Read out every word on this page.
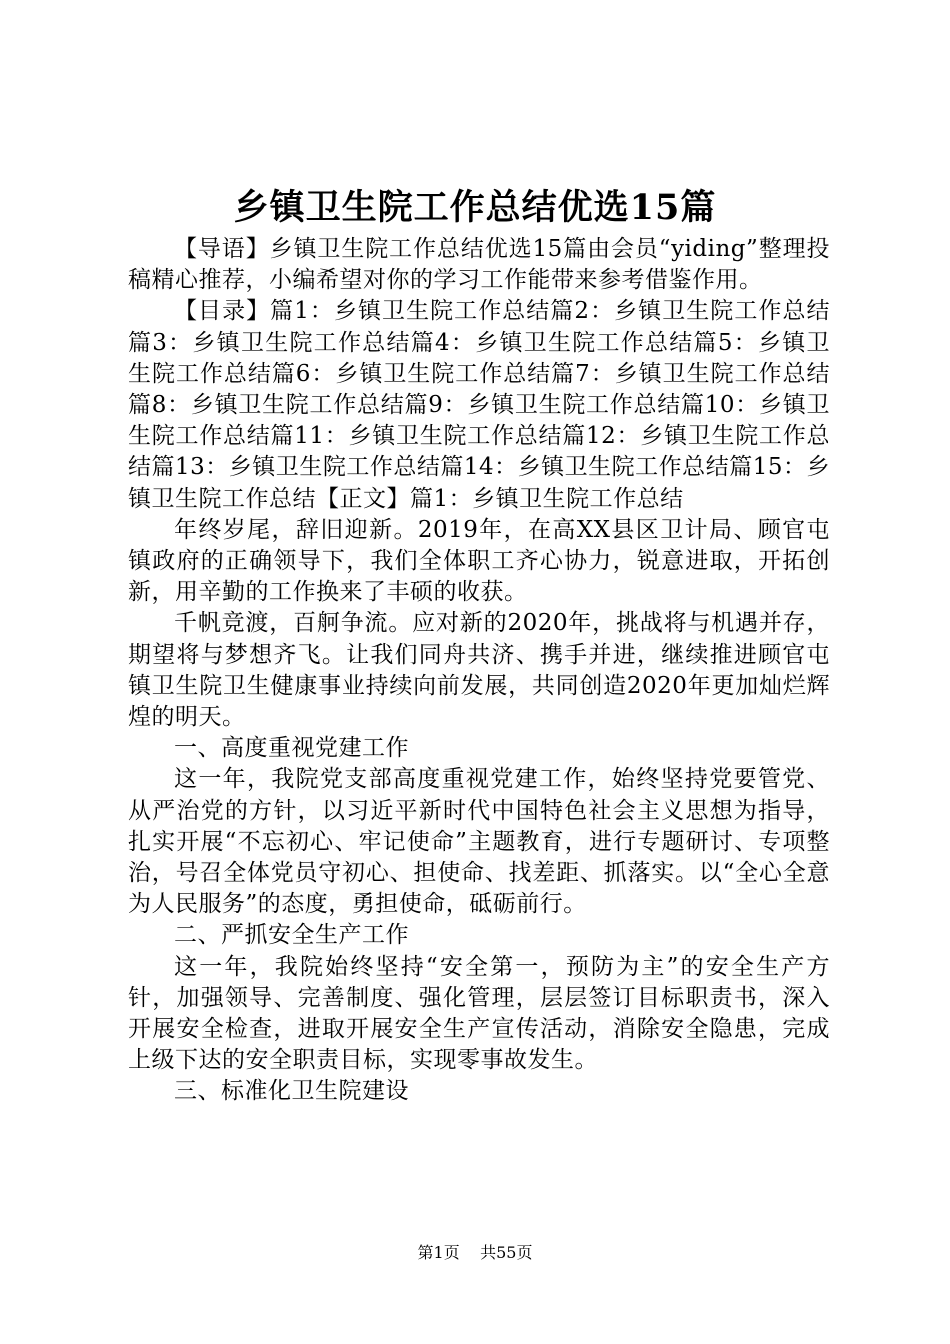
乡镇卫生院工作总结优选15篇

【导语】乡镇卫生院工作总结优选15篇由会员“yiding”整理投稿精心推荐，小编希望对你的学习工作能带来参考借鉴作用。

【目录】篇1：乡镇卫生院工作总结篇2：乡镇卫生院工作总结篇3：乡镇卫生院工作总结篇4：乡镇卫生院工作总结篇5：乡镇卫生院工作总结篇6：乡镇卫生院工作总结篇7：乡镇卫生院工作总结篇8：乡镇卫生院工作总结篇9：乡镇卫生院工作总结篇10：乡镇卫生院工作总结篇11：乡镇卫生院工作总结篇12：乡镇卫生院工作总结篇13：乡镇卫生院工作总结篇14：乡镇卫生院工作总结篇15：乡镇卫生院工作总结【正文】篇1：乡镇卫生院工作总结

年终岁尾，辞旧迎新。2019年，在高XX县区卫计局、顾官屯镇政府的正确领导下，我们全体职工齐心协力，锐意进取，开拓创新，用辛勤的工作换来了丰硕的收获。

千帆竞渡，百舸争流。应对新的2020年，挑战将与机遇并存，期望将与梦想齐飞。让我们同舟共济、携手并进，继续推进顾官屯镇卫生院卫生健康事业持续向前发展，共同创造2020年更加灿烂辉煌的明天。

一、高度重视党建工作

这一年，我院党支部高度重视党建工作，始终坚持党要管党、从严治党的方针，以习近平新时代中国特色社会主义思想为指导，扎实开展“不忘初心、牢记使命”主题教育，进行专题研讨、专项整治，号召全体党员守初心、担使命、找差距、抓落实。以“全心全意为人民服务”的态度，勇担使命，砥砺前行。

二、严抓安全生产工作

这一年，我院始终坚持“安全第一，预防为主”的安全生产方针，加强领导、完善制度、强化管理，层层签订目标职责书，深入开展安全检查，进取开展安全生产宣传活动，消除安全隐患，完成上级下达的安全职责目标，实现零事故发生。

三、标准化卫生院建设

第1页 共55页
